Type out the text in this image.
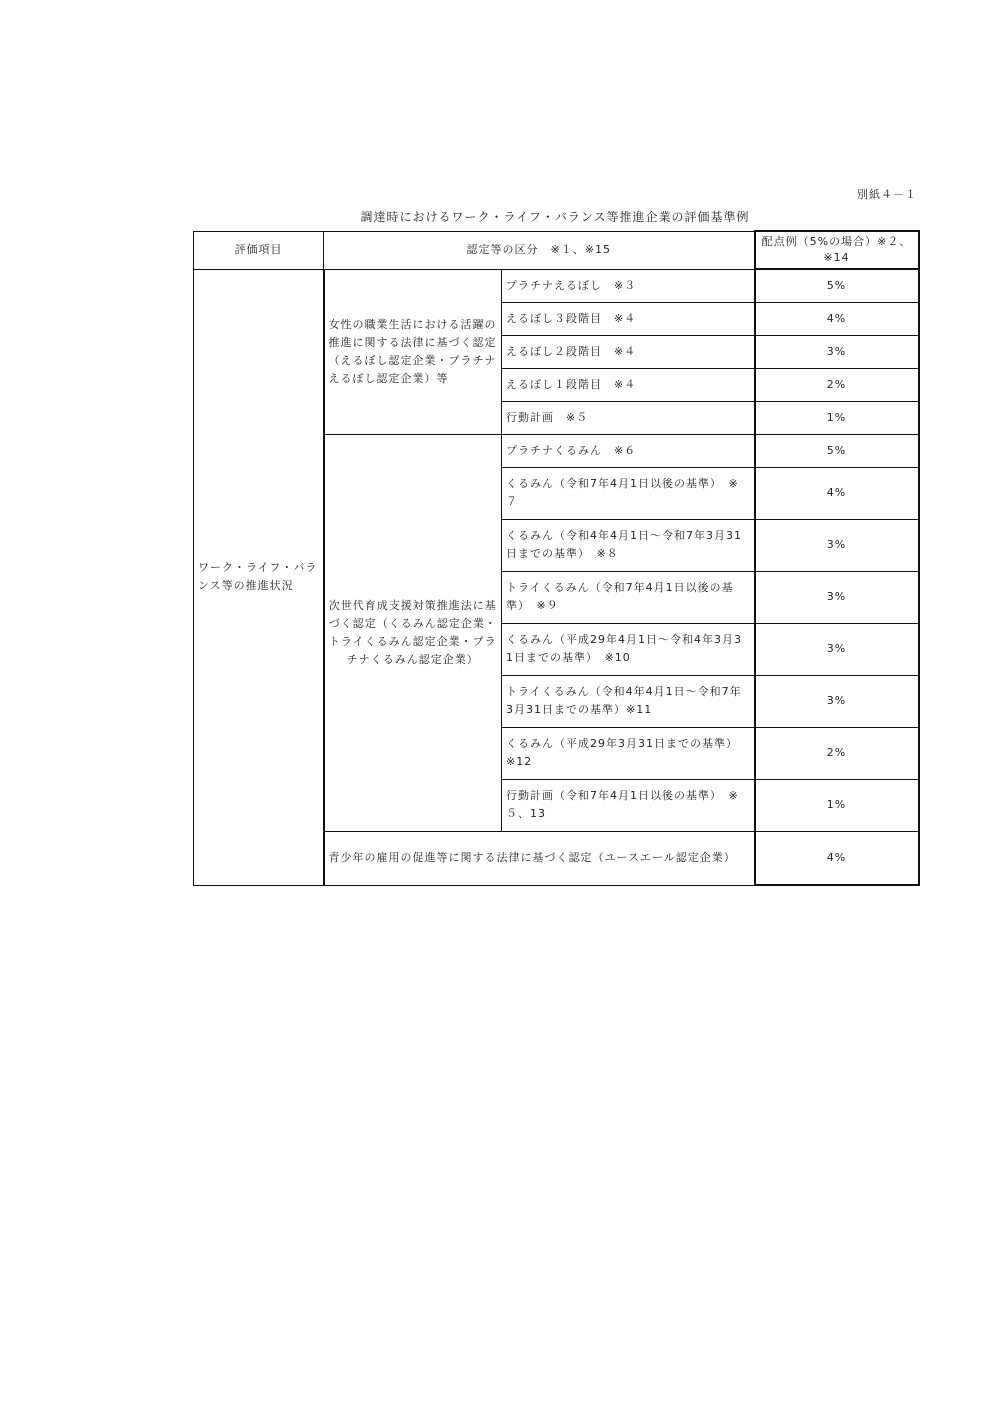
別紙４－１
調達時におけるワーク・ライフ・バランス等推進企業の評価基準例
評価項目	認定等の区分　※１、※15		配点例（5%の場合）※２、※14
ワーク・ライフ・バランス等の推進状況	女性の職業生活における活躍の推進に関する法律に基づく認定（えるぼし認定企業・プラチナえるぼし認定企業）等	プラチナえるぼし　※３	5%
		えるぼし３段階目　※４	4%
		えるぼし２段階目　※４	3%
		えるぼし１段階目　※４	2%
		行動計画　※５	1%
	次世代育成支援対策推進法に基づく認定（くるみん認定企業・トライくるみん認定企業・プラチナくるみん認定企業）	プラチナくるみん　※６	5%
		くるみん（令和7年4月1日以後の基準）　※７	4%
		くるみん（令和4年4月1日～令和7年3月31日までの基準）　※８	3%
		トライくるみん（令和7年4月1日以後の基準）　※９	3%
		くるみん（平成29年4月1日～令和4年3月31日までの基準）　※10	3%
		トライくるみん（令和4年4月1日～令和7年3月31日までの基準）※11	3%
		くるみん（平成29年3月31日までの基準）　※12	2%
		行動計画（令和7年4月1日以後の基準）　※５、13	1%
	青少年の雇用の促進等に関する法律に基づく認定（ユースエール認定企業）		4%
